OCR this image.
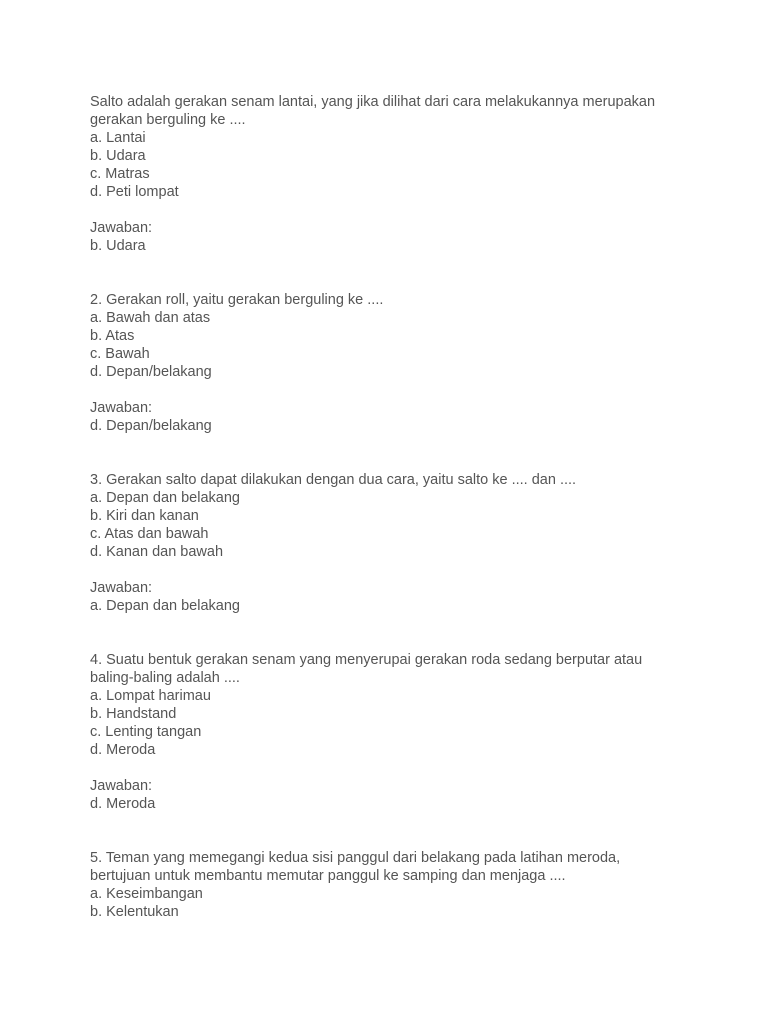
Salto adalah gerakan senam lantai, yang jika dilihat dari cara melakukannya merupakan
gerakan berguling ke ....
a. Lantai
b. Udara
c. Matras
d. Peti lompat
Jawaban:
b. Udara
2. Gerakan roll, yaitu gerakan berguling ke ....
a. Bawah dan atas
b. Atas
c. Bawah
d. Depan/belakang
Jawaban:
d. Depan/belakang
3. Gerakan salto dapat dilakukan dengan dua cara, yaitu salto ke .... dan ....
a. Depan dan belakang
b. Kiri dan kanan
c. Atas dan bawah
d. Kanan dan bawah
Jawaban:
a. Depan dan belakang
4. Suatu bentuk gerakan senam yang menyerupai gerakan roda sedang berputar atau
baling-baling adalah ....
a. Lompat harimau
b. Handstand
c. Lenting tangan
d. Meroda
Jawaban:
d. Meroda
5. Teman yang memegangi kedua sisi panggul dari belakang pada latihan meroda,
bertujuan untuk membantu memutar panggul ke samping dan menjaga ....
a. Keseimbangan
b. Kelentukan
